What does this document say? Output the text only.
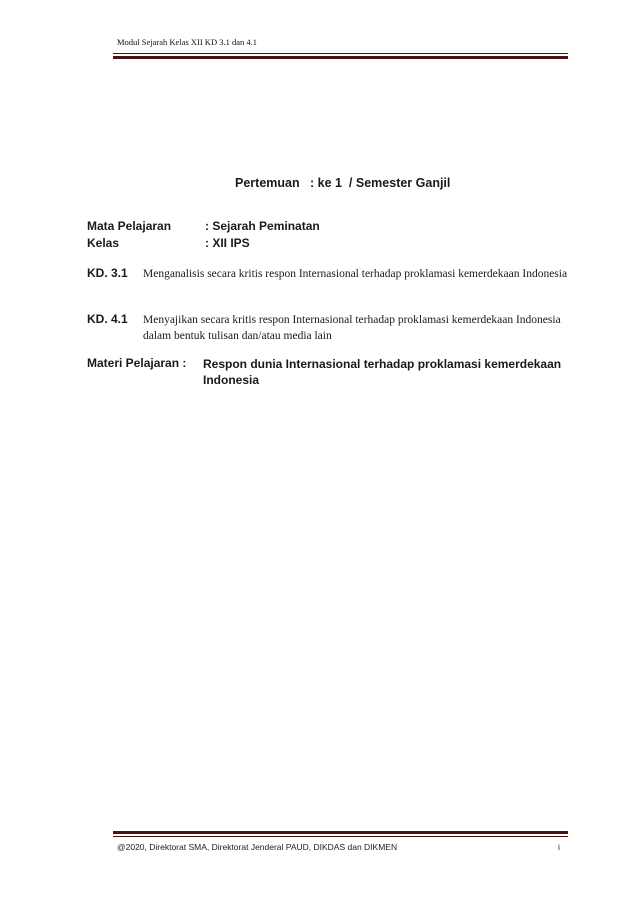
Modul Sejarah Kelas XII KD 3.1 dan 4.1
Pertemuan   : ke 1  / Semester Ganjil
Mata Pelajaran	: Sejarah Peminatan
Kelas	: XII IPS
KD. 3.1 Menganalisis secara kritis respon Internasional terhadap proklamasi kemerdekaan Indonesia
KD. 4.1 Menyajikan secara kritis respon Internasional terhadap proklamasi kemerdekaan Indonesia dalam bentuk tulisan dan/atau media lain
Materi Pelajaran : Respon dunia Internasional terhadap proklamasi kemerdekaan Indonesia
@2020, Direktorat SMA, Direktorat Jenderal PAUD, DIKDAS dan DIKMEN	i
